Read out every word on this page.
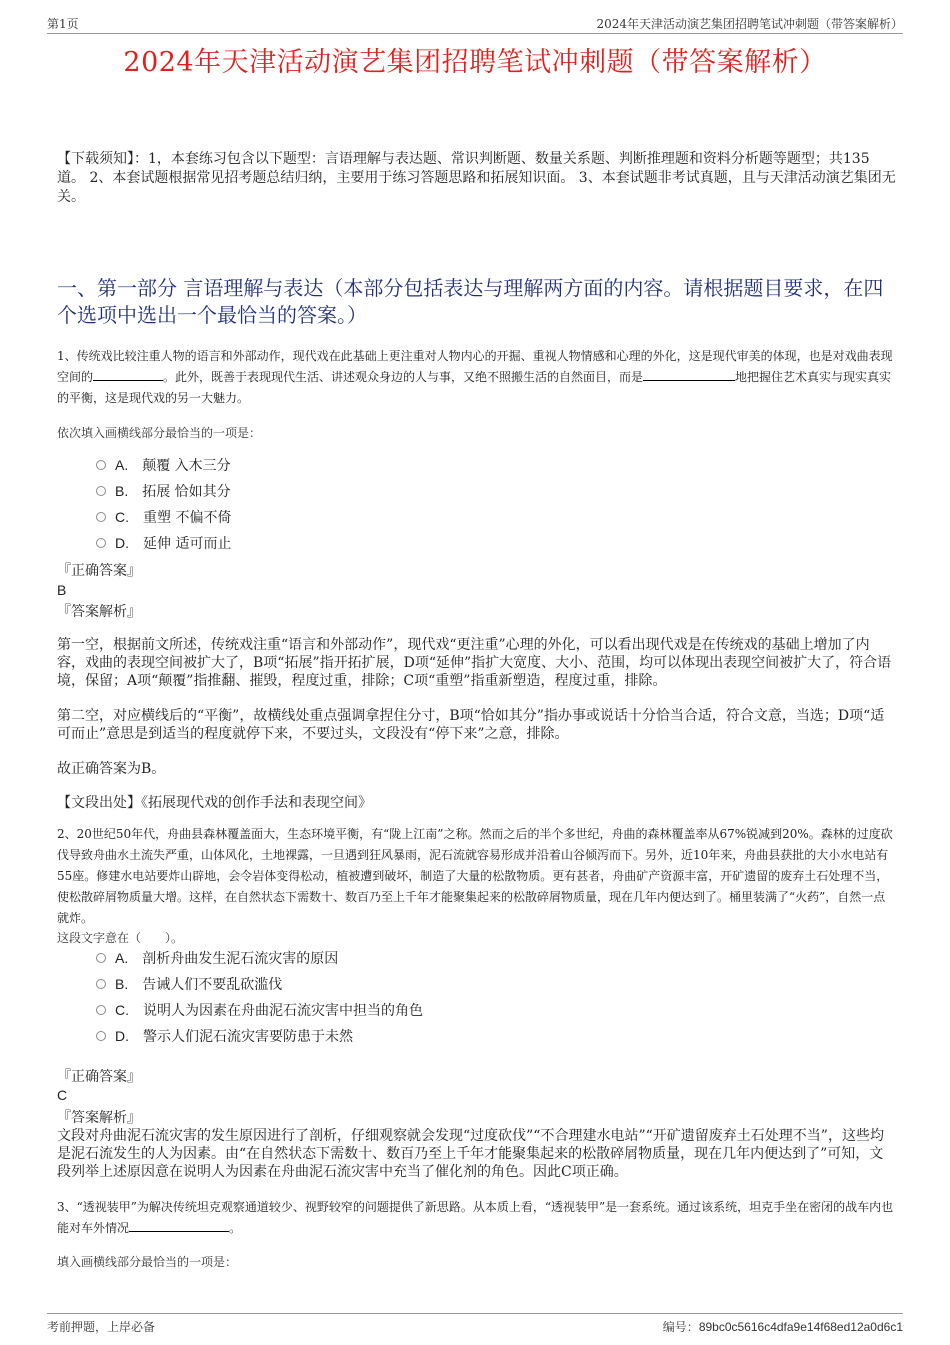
第1页	2024年天津活动演艺集团招聘笔试冲刺题（带答案解析）
2024年天津活动演艺集团招聘笔试冲刺题（带答案解析）
【下载须知】：1，本套练习包含以下题型：言语理解与表达题、常识判断题、数量关系题、判断推理题和资料分析题等题型；共135道。 2、本套试题根据常见招考题总结归纳，主要用于练习答题思路和拓展知识面。 3、本套试题非考试真题，且与天津活动演艺集团无关。
一、第一部分 言语理解与表达（本部分包括表达与理解两方面的内容。请根据题目要求，在四个选项中选出一个最恰当的答案。）
1、传统戏比较注重人物的语言和外部动作，现代戏在此基础上更注重对人物内心的开掘、重视人物情感和心理的外化，这是现代审美的体现，也是对戏曲表现空间的	。此外，既善于表现现代生活、讲述观众身边的人与事，又绝不照搬生活的自然面目，而是	地把握住艺术真实与现实真实的平衡，这是现代戏的另一大魅力。
依次填入画横线部分最恰当的一项是：
A. 颠覆 入木三分
B. 拓展 恰如其分
C. 重塑 不偏不倚
D. 延伸 适可而止
『正确答案』
B
『答案解析』
第一空，根据前文所述，传统戏注重“语言和外部动作”，现代戏“更注重”心理的外化，可以看出现代戏是在传统戏的基础上增加了内容，戏曲的表现空间被扩大了，B项“拓展”指开拓扩展，D项“延伸”指扩大宽度、大小、范围，均可以体现出表现空间被扩大了，符合语境，保留；A项“颠覆”指推翻、摧毁，程度过重，排除；C项“重塑”指重新塑造，程度过重，排除。
第二空，对应横线后的“平衡”，故横线处重点强调拿捏住分寸，B项“恰如其分”指办事或说话十分恰当合适，符合文意，当选；D项“适可而止”意思是到适当的程度就停下来，不要过头，文段没有“停下来”之意，排除。
故正确答案为B。
【文段出处】《拓展现代戏的创作手法和表现空间》
2、20世纪50年代，舟曲县森林覆盖面大，生态环境平衡，有“陇上江南”之称。然而之后的半个多世纪，舟曲的森林覆盖率从67%锐减到20%。森林的过度砍伐导致舟曲水土流失严重，山体风化，土地裸露，一旦遇到狂风暴雨，泥石流就容易形成并沿着山谷倾泻而下。另外，近10年来，舟曲县获批的大小水电站有55座。修建水电站要炸山辟地，会令岩体变得松动，植被遭到破坏，制造了大量的松散物质。更有甚者，舟曲矿产资源丰富，开矿遗留的废弃土石处理不当，使松散碎屑物质量大增。这样，在自然状态下需数十、数百乃至上千年才能聚集起来的松散碎屑物质量，现在几年内便达到了。桶里装满了“火药”，自然一点就炸。
这段文字意在（　　）。
A. 剖析舟曲发生泥石流灾害的原因
B. 告诫人们不要乱砍滥伐
C. 说明人为因素在舟曲泥石流灾害中担当的角色
D. 警示人们泥石流灾害要防患于未然
『正确答案』
C
『答案解析』
文段对舟曲泥石流灾害的发生原因进行了剖析，仔细观察就会发现“过度砍伐”“不合理建水电站”“开矿遗留废弃土石处理不当”，这些均是泥石流发生的人为因素。由“在自然状态下需数十、数百乃至上千年才能聚集起来的松散碎屑物质量，现在几年内便达到了”可知，文段列举上述原因意在说明人为因素在舟曲泥石流灾害中充当了催化剂的角色。因此C项正确。
3、“透视装甲”为解决传统坦克观察通道较少、视野较窄的问题提供了新思路。从本质上看，“透视装甲”是一套系统。通过该系统，坦克手坐在密闭的战车内也能对车外情况	。
填入画横线部分最恰当的一项是：
考前押题，上岸必备	编号：89bc0c5616c4dfa9e14f68ed12a0d6c1
